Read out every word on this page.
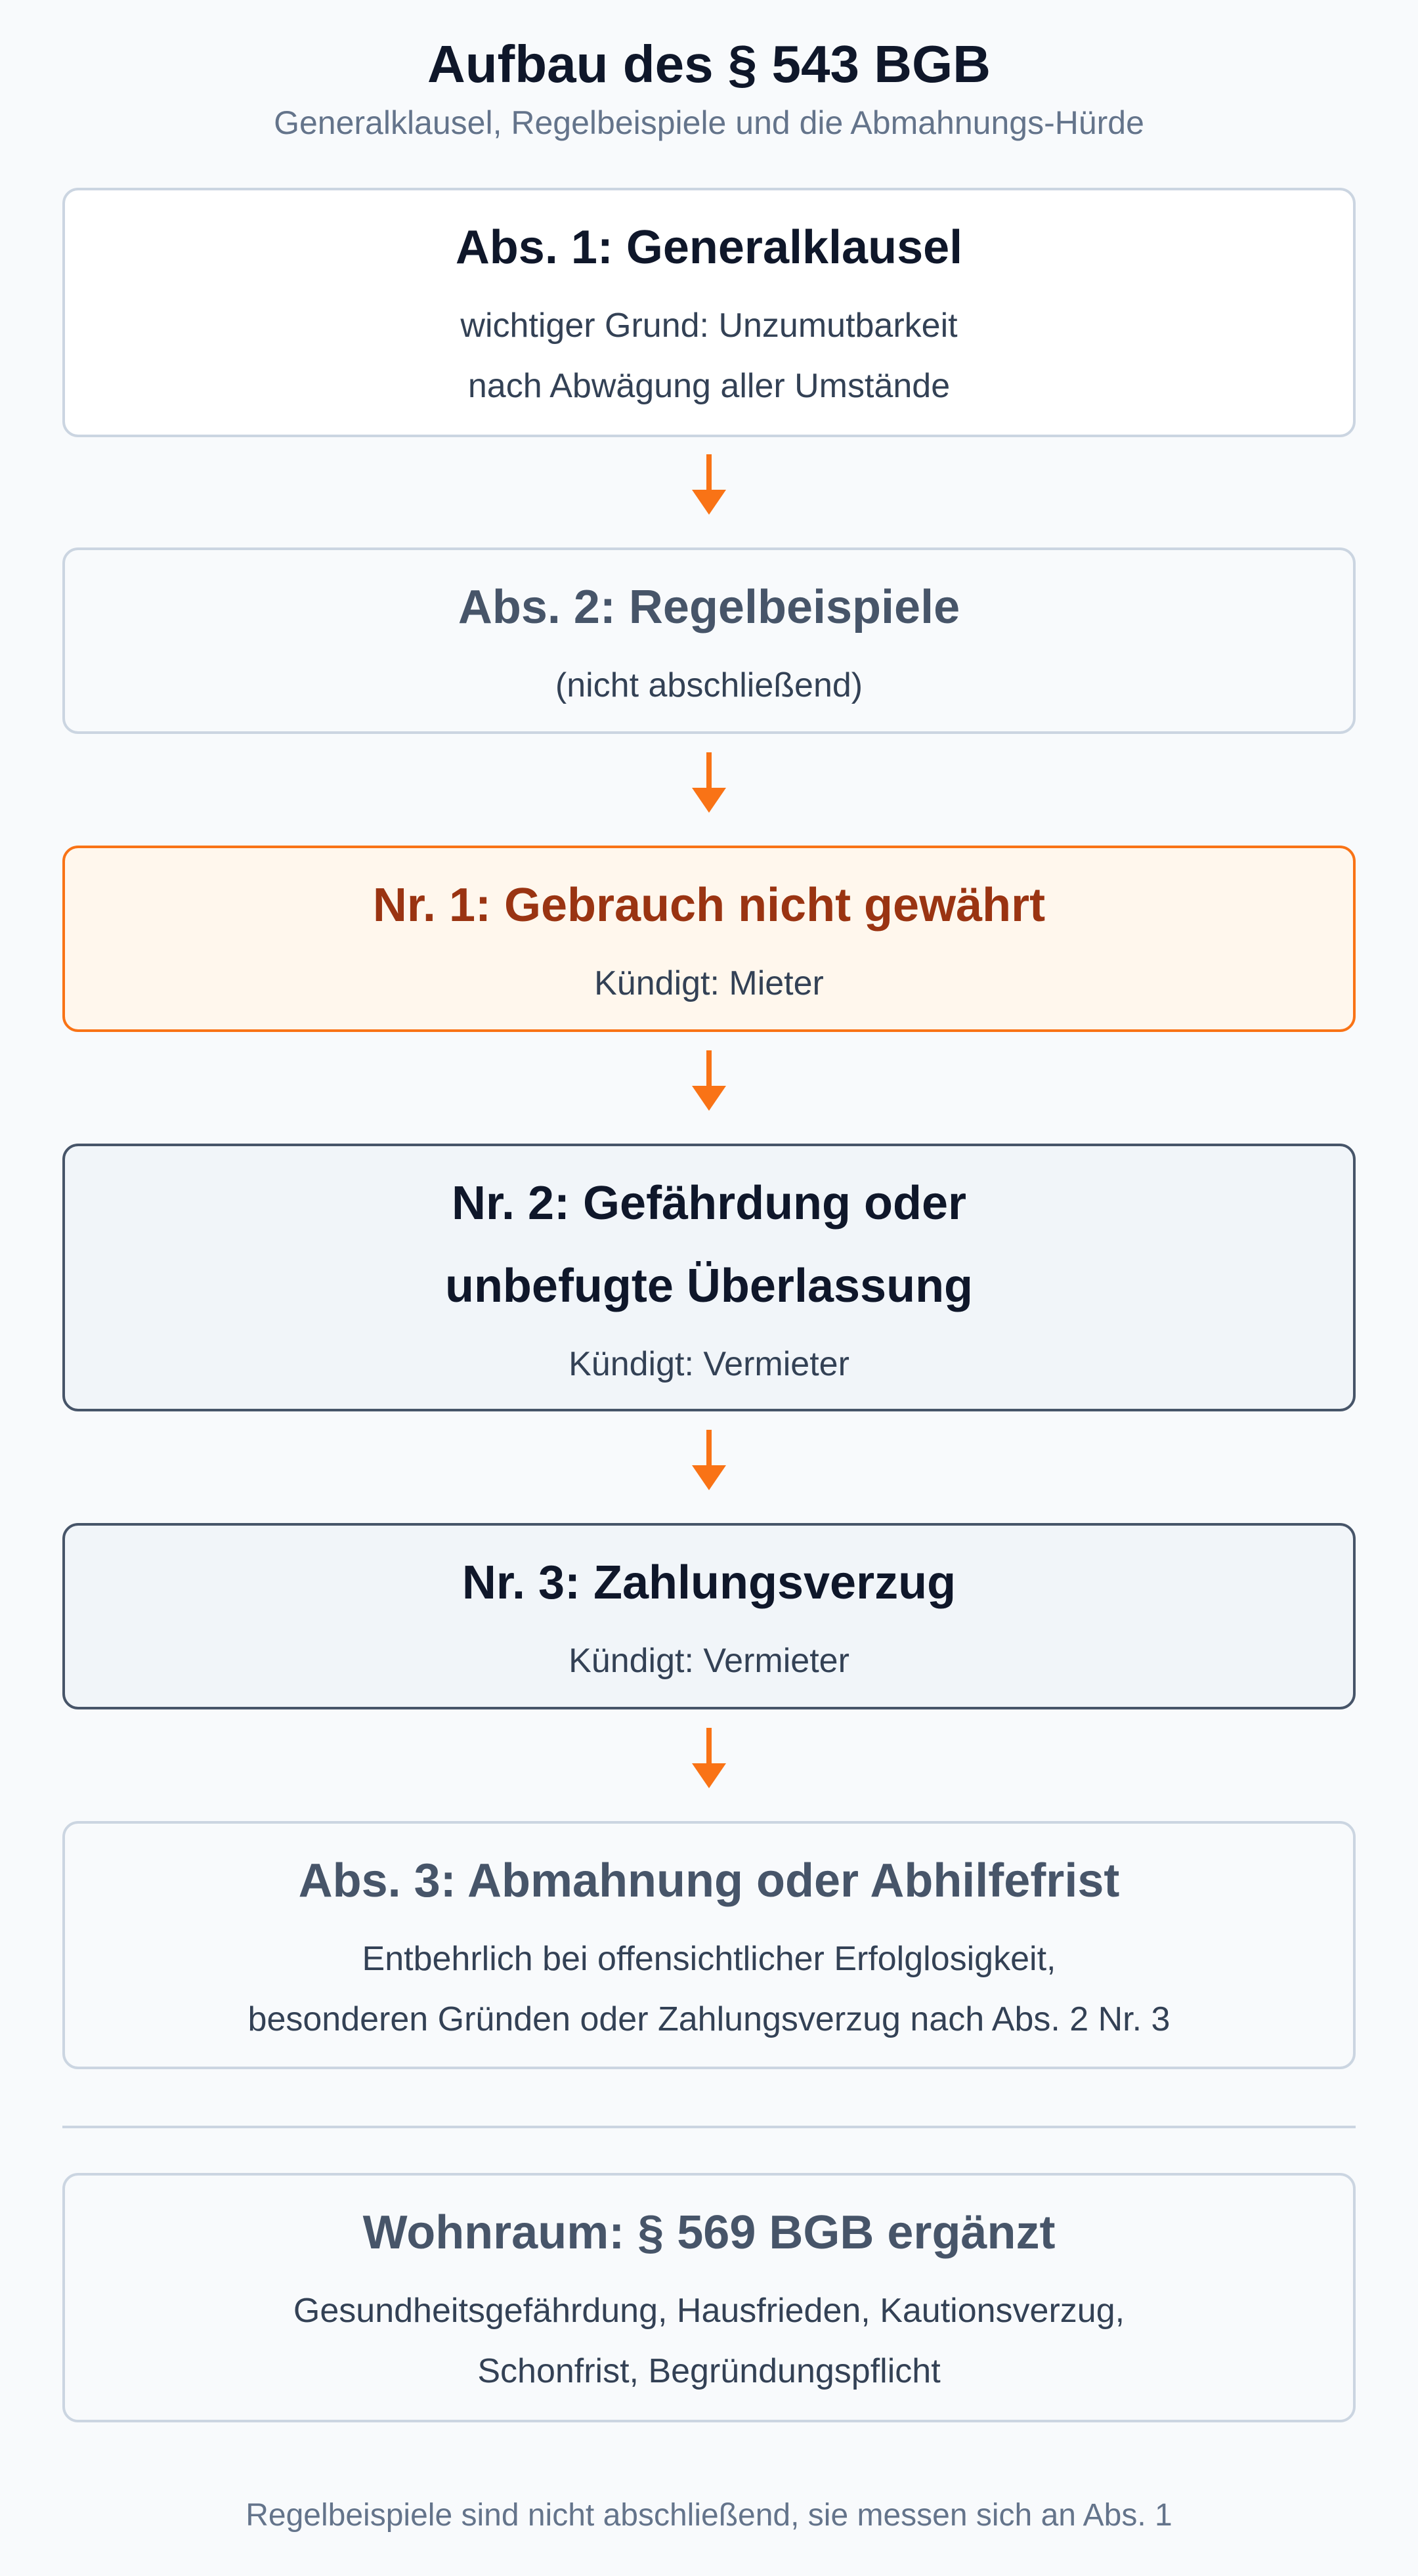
Aufbau des § 543 BGB
Generalklausel, Regelbeispiele und die Abmahnungs-Hürde
Abs. 1: Generalklausel
wichtiger Grund: Unzumutbarkeit
nach Abwägung aller Umstände
Abs. 2: Regelbeispiele
(nicht abschließend)
Nr. 1: Gebrauch nicht gewährt
Kündigt: Mieter
Nr. 2: Gefährdung oder
unbefugte Überlassung
Kündigt: Vermieter
Nr. 3: Zahlungsverzug
Kündigt: Vermieter
Abs. 3: Abmahnung oder Abhilfefrist
Entbehrlich bei offensichtlicher Erfolglosigkeit,
besonderen Gründen oder Zahlungsverzug nach Abs. 2 Nr. 3
Wohnraum: § 569 BGB ergänzt
Gesundheitsgefährdung, Hausfrieden, Kautionsverzug,
Schonfrist, Begründungspflicht
Regelbeispiele sind nicht abschließend, sie messen sich an Abs. 1
